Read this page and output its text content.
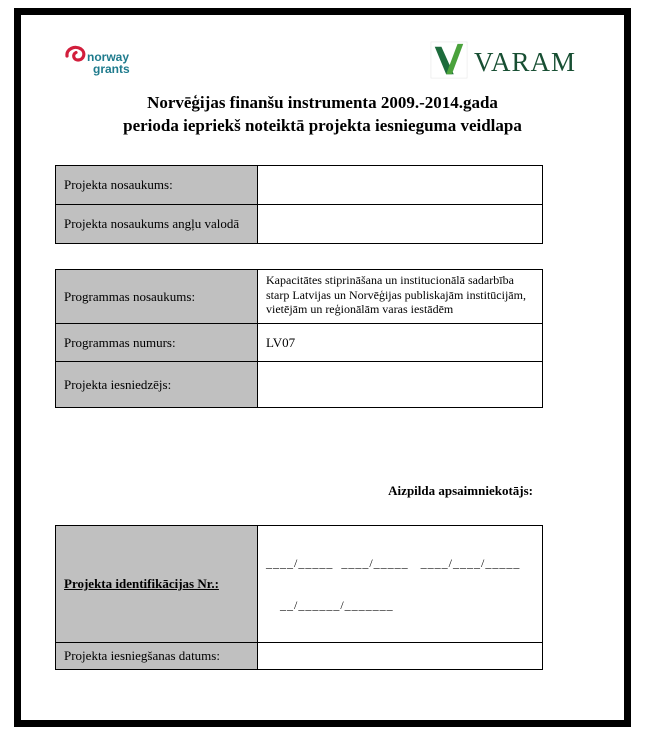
norway
grants	VARAM
Norvēģijas finanšu instrumenta 2009.-2014.gada
perioda iepriekš noteiktā projekta iesnieguma veidlapa
Projekta nosaukums:	
Projekta nosaukums angļu valodā	
Programmas nosaukums:	Kapacitātes stiprināšana un institucionālā sadarbība starp Latvijas un Norvēģijas publiskajām institūcijām, vietējām un reģionālām varas iestādēm
Programmas numurs:	LV07
Projekta iesniedzējs:	
Aizpilda apsaimniekotājs:
Projekta identifikācijas Nr.:	____/_____  ____/_____   ____/____/_____

__/______/_______

Projekta iesniegšanas datums:	
